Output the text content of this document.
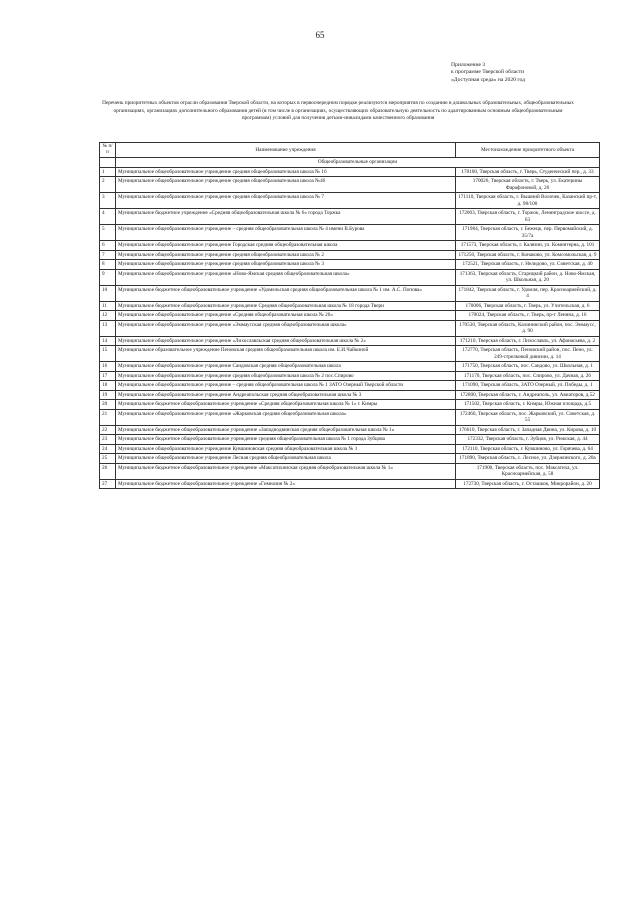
65
Приложение 3
к программе Тверской области
«Доступная среда» на 2020 год
Перечень приоритетных объектов отрасли образования Тверской области, на которых в первоочередном порядке реализуются мероприятия по созданию в дошкольных образовательных, общеобразовательных организациях, организациях дополнительного образования детей (в том числе в организациях, осуществляющих образовательную деятельность по адаптированным основным общеобразовательным программам) условий для получения детьми-инвалидами качественного образования
№ п/п	Наименование учреждения	Местонахождение приоритетного объекта
	Общеобразовательные организации	
1	Муниципальное общеобразовательное учреждение средняя общеобразовательная школа № 16	170100, Тверская область, г. Тверь, Студенческий пер., д. 33
2	Муниципальное общеобразовательное учреждение средняя общеобразовательная школа №46	170026, Тверская область, г. Тверь, ул. Екатерины Фарафоновой, д. 26
3	Муниципальное общеобразовательное учреждение средняя общеобразовательная школа № 7	171110, Тверская область, г. Вышний Волочек, Казанский пр-т, д. 98/100
4	Муниципальное бюджетное учреждение «Средняя общеобразовательная школа № 6» города Торжка	172003, Тверская область, г. Торжок, Ленинградское шоссе, д. 63
5	Муниципальное общеобразовательное учреждение – средняя общеобразовательная школа № 4 имени В.Бурова	171984, Тверская область, г. Бежецк, пер. Первомайский, д. 35/7а
6	Муниципальное общеобразовательное учреждение Городская средняя общеобразовательная школа	171573, Тверская область, г. Калязин, ул. Коминтерна, д. 101
7	Муниципальное общеобразовательное учреждение средняя общеобразовательная школа № 2	171250, Тверская область, г. Конаково, ул. Комсомольская, д. 9
8	Муниципальное общеобразовательное учреждение средняя общеобразовательная школа № 3	172521, Тверская область, г. Нелидово, ул. Советская, д. 40
9	Муниципальное общеобразовательное учреждение «Ново-Ямская средняя общеобразовательная школа»	171363, Тверская область, Старицкий район, д. Ново-Ямская, ул. Школьная, д. 20
10	Муниципальное бюджетное общеобразовательное учреждение «Удомельская средняя общеобразовательная школа № 1 им. А.С. Попова»	171842, Тверская область, г. Удомля, пер. Красноармейский, д. 4
11	Муниципальное бюджетное общеобразовательное учреждение Средняя общеобразовательная школа № 18 города Твери	170006, Тверская область, г. Тверь, ул. Учительская, д. 6
12	Муниципальное общеобразовательное учреждение «Средняя общеобразовательная школа № 20»	170024, Тверская область, г. Тверь, пр-т Ленина, д. 16
13	Муниципальное общеобразовательное учреждение «Эммаусская средняя общеобразовательная школа»	170530, Тверская область, Калининский район, пос. Эммаусс, д. 90
14	Муниципальное общеобразовательное учреждение «Лихославльская средняя общеобразовательная школа № 2»	171210, Тверская область, г. Лихославль, ул. Афанасьева, д. 2
15	Муниципальное образовательное учреждение Пеновская средняя общеобразовательная школа им. Е.И.Чайкиной	172770, Тверская область, Пеновский район, пос. Пено, ул. 249-стрелковой дивизии, д. 14
16	Муниципальное общеобразовательное учреждение Сандовская средняя общеобразовательная школа	171750, Тверская область, пос. Сандово, ул. Школьная, д. 1
17	Муниципальное общеобразовательное учреждение средняя общеобразовательная школа № 2 пос.Спирово	171170, Тверская область, пос. Спирово, ул. Дачная, д. 26
18	Муниципальное общеобразовательное учреждение – средняя общеобразовательная школа № 1 ЗАТО Озерный Тверской области	171090, Тверская область, ЗАТО Озерный, ул. Победы, д. 1
19	Муниципальное общеобразовательное учреждение Андреапольская средняя общеобразовательная школа № 3	172800, Тверская область, г. Андреаполь, ул. Авиаторов, д.52
20	Муниципальное бюджетное общеобразовательное учреждение «Средняя общеобразовательная школа № 1» г. Кимры	171502, Тверская область, г. Кимры, Южная площадь, д.5
21	Муниципальное общеобразовательное учреждение «Жарковская средняя общеобразовательная школа»	172460, Тверская область, пос. Жарковский, ул. Советская, д. 55
22	Муниципальное бюджетное общеобразовательное учреждение «Западнодвинская средняя общеобразовательная школа № 1»	176610, Тверская область, г. Западная Двина, ул. Кирова, д. 10
23	Муниципальное бюджетное общеобразовательное учреждение средняя общеобразовательная школа № 1 города Зубцова	172332, Тверская область, г. Зубцов, ул. Рижская, д. 44
24	Муниципальное общеобразовательное учреждение Кувшиновская средняя общеобразовательная школа № 1	172110, Тверская область, г. Кувшиново, ул. Горячева, д. 64
25	Муниципальное общеобразовательное учреждение Лесная средняя общеобразовательная школа	171890, Тверская область, с. Лесное, ул. Дзержинского, д. 20а
26	Муниципальное бюджетное общеобразовательное учреждение «Максатихинская средняя общеобразовательная школа № 1»	171900, Тверская область, пос. Максатиха, ул. Красноармейская, д. 58
27	Муниципальное бюджетное общеобразовательное учреждение «Гимназия № 2»	172730, Тверская область, г. Осташков, Микрорайон, д. 20
